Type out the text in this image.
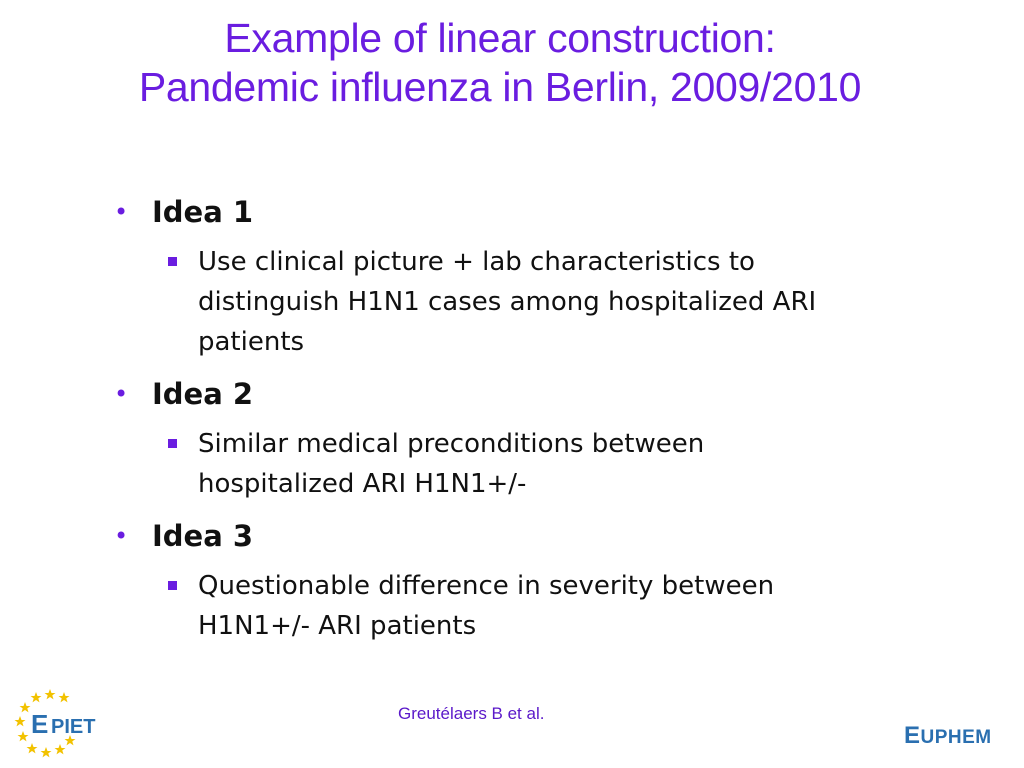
Example of linear construction:
Pandemic influenza in Berlin, 2009/2010
• Idea 1
Use clinical picture + lab characteristics to
distinguish H1N1 cases among hospitalized ARI
patients
• Idea 2
Similar medical preconditions between
hospitalized ARI H1N1+/-
• Idea 3
Questionable difference in severity between
H1N1+/- ARI patients
Greutélaers B et al.
E PIET	EUPHEM
